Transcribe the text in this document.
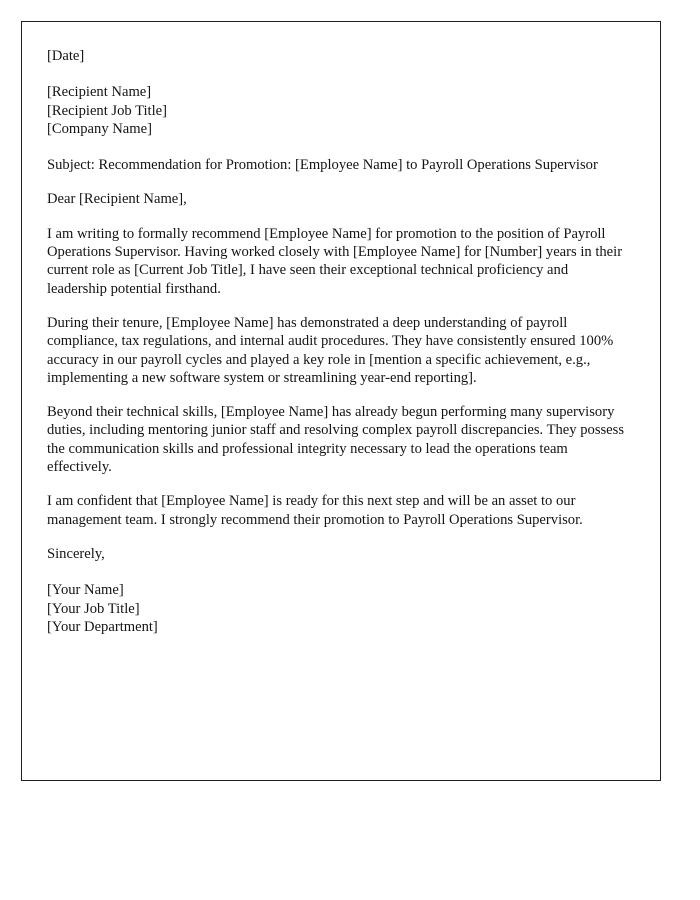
[Date]

[Recipient Name]
[Recipient Job Title]
[Company Name]

Subject: Recommendation for Promotion: [Employee Name] to Payroll Operations Supervisor

Dear [Recipient Name],

I am writing to formally recommend [Employee Name] for promotion to the position of Payroll Operations Supervisor. Having worked closely with [Employee Name] for [Number] years in their current role as [Current Job Title], I have seen their exceptional technical proficiency and leadership potential firsthand.

During their tenure, [Employee Name] has demonstrated a deep understanding of payroll compliance, tax regulations, and internal audit procedures. They have consistently ensured 100% accuracy in our payroll cycles and played a key role in [mention a specific achievement, e.g., implementing a new software system or streamlining year-end reporting].

Beyond their technical skills, [Employee Name] has already begun performing many supervisory duties, including mentoring junior staff and resolving complex payroll discrepancies. They possess the communication skills and professional integrity necessary to lead the operations team effectively.

I am confident that [Employee Name] is ready for this next step and will be an asset to our management team. I strongly recommend their promotion to Payroll Operations Supervisor.

Sincerely,

[Your Name]
[Your Job Title]
[Your Department]
